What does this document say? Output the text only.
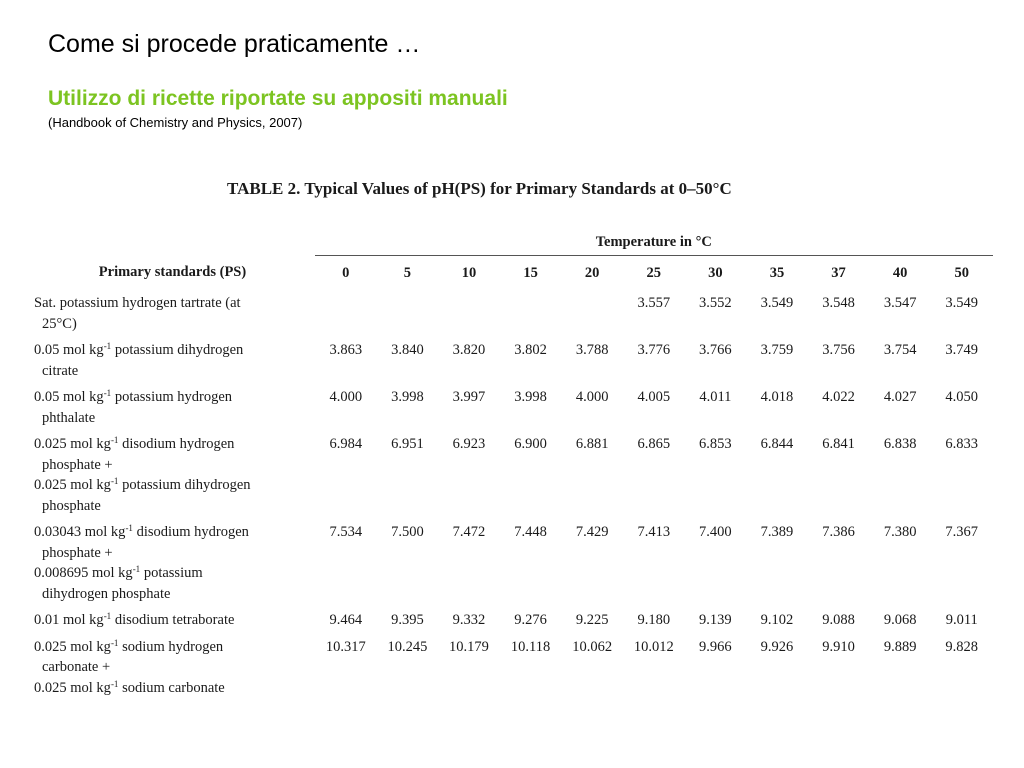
Come si procede praticamente …
Utilizzo di ricette riportate su appositi manuali
(Handbook of Chemistry and Physics, 2007)
TABLE 2. Typical Values of pH(PS) for Primary Standards at 0–50°C
	Temperature in °C										
Primary standards (PS)	0	5	10	15	20	25	30	35	37	40	50

Sat. potassium hydrogen tartrate (at
25°C)						3.557	3.552	3.549	3.548	3.547	3.549

0.05 mol $kg^{-1}$ potassium dihydrogen
citrate	3.863	3.840	3.820	3.802	3.788	3.776	3.766	3.759	3.756	3.754	3.749

0.05 mol $kg^{-1}$ potassium hydrogen
phthalate	4.000	3.998	3.997	3.998	4.000	4.005	4.011	4.018	4.022	4.027	4.050

0.025 mol $kg^{-1}$ disodium hydrogen
phosphate +
0.025 mol $kg^{-1}$ potassium dihydrogen
phosphate	6.984	6.951	6.923	6.900	6.881	6.865	6.853	6.844	6.841	6.838	6.833

0.03043 mol $kg^{-1}$ disodium hydrogen
phosphate +
0.008695 mol $kg^{-1}$ potassium
dihydrogen phosphate	7.534	7.500	7.472	7.448	7.429	7.413	7.400	7.389	7.386	7.380	7.367

0.01 mol $kg^{-1}$ disodium tetraborate	9.464	9.395	9.332	9.276	9.225	9.180	9.139	9.102	9.088	9.068	9.011

0.025 mol $kg^{-1}$ sodium hydrogen
carbonate +
0.025 mol $kg^{-1}$ sodium carbonate	10.317	10.245	10.179	10.118	10.062	10.012	9.966	9.926	9.910	9.889	9.828
